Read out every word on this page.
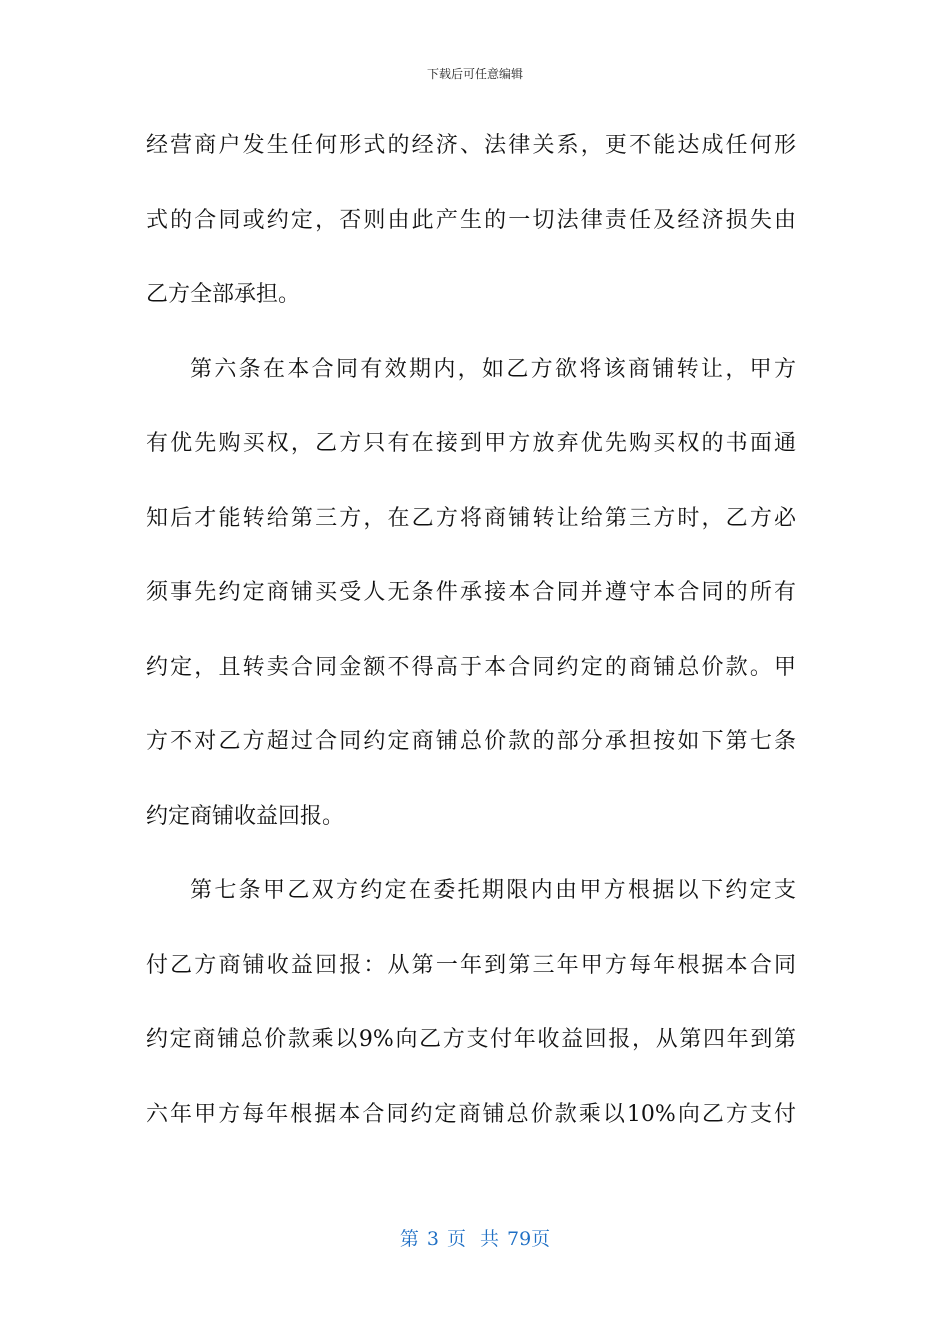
下载后可任意编辑
经营商户发生任何形式的经济、法律关系，更不能达成任何形
式的合同或约定，否则由此产生的一切法律责任及经济损失由
乙方全部承担。
第六条在本合同有效期内，如乙方欲将该商铺转让，甲方
有优先购买权，乙方只有在接到甲方放弃优先购买权的书面通
知后才能转给第三方，在乙方将商铺转让给第三方时，乙方必
须事先约定商铺买受人无条件承接本合同并遵守本合同的所有
约定，且转卖合同金额不得高于本合同约定的商铺总价款。甲
方不对乙方超过合同约定商铺总价款的部分承担按如下第七条
约定商铺收益回报。
第七条甲乙双方约定在委托期限内由甲方根据以下约定支
付乙方商铺收益回报：从第一年到第三年甲方每年根据本合同
约定商铺总价款乘以9%向乙方支付年收益回报，从第四年到第
六年甲方每年根据本合同约定商铺总价款乘以10%向乙方支付
第 3 页 共 79页
